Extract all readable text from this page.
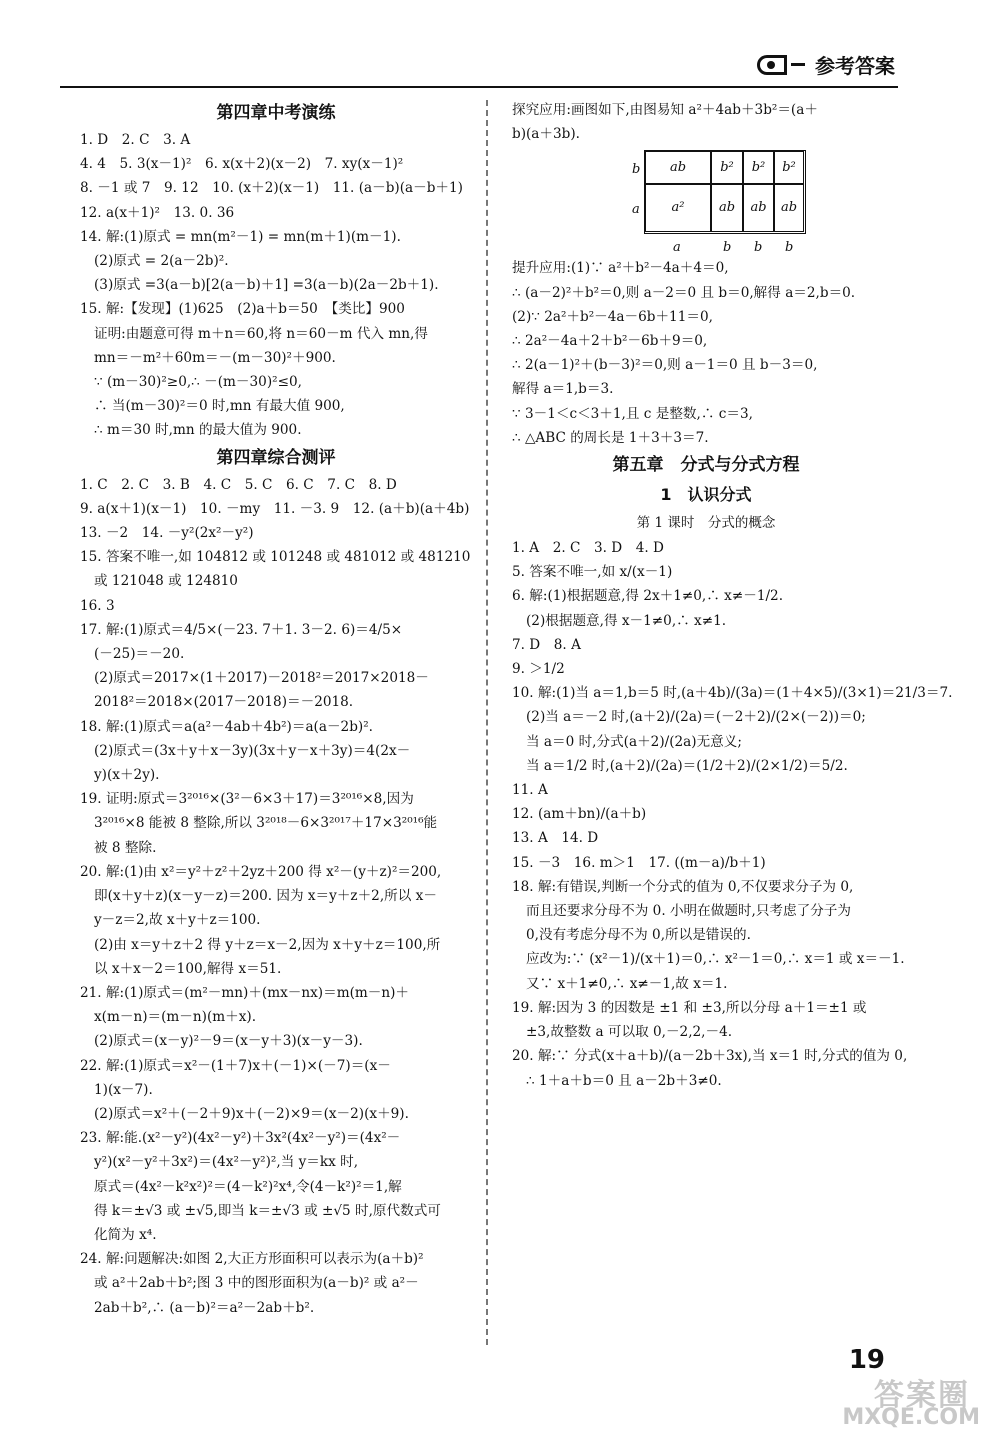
参考答案
第四章中考演练
1. D　2. C　3. A
4. 4　5. 3(x－1)²　6. x(x＋2)(x－2)　7. xy(x－1)²
8. －1 或 7　9. 12　10. (x＋2)(x－1)　11. (a－b)(a－b＋1)
12. a(x＋1)²　13. 0. 36
14. 解:(1)原式 = mn(m²－1) = mn(m＋1)(m－1).
(2)原式 = 2(a－2b)².
(3)原式 =3(a－b)[2(a－b)＋1] =3(a－b)(2a－2b＋1).
15. 解:【发现】(1)625　(2)a＋b＝50　【类比】900
证明:由题意可得 m＋n＝60,将 n＝60－m 代入 mn,得
mn＝－m²＋60m＝－(m－30)²＋900.
∵ (m－30)²≥0,∴ －(m－30)²≤0,
∴ 当(m－30)²＝0 时,mn 有最大值 900,
∴ m＝30 时,mn 的最大值为 900.
第四章综合测评
1. C　2. C　3. B　4. C　5. C　6. C　7. C　8. D
9. a(x＋1)(x－1)　10. －my　11. －3. 9　12. (a＋b)(a＋4b)
13. －2　14. －y²(2x²－y²)
15. 答案不唯一,如 104812 或 101248 或 481012 或 481210
或 121048 或 124810
16. 3
17. 解:(1)原式＝4/5×(－23. 7＋1. 3－2. 6)＝4/5×
(－25)＝－20.
(2)原式＝2017×(1＋2017)－2018²＝2017×2018－
2018²＝2018×(2017－2018)＝－2018.
18. 解:(1)原式＝a(a²－4ab＋4b²)＝a(a－2b)².
(2)原式＝(3x＋y＋x－3y)(3x＋y－x＋3y)＝4(2x－
y)(x＋2y).
19. 证明:原式＝3²⁰¹⁶×(3²－6×3＋17)＝3²⁰¹⁶×8,因为
3²⁰¹⁶×8 能被 8 整除,所以 3²⁰¹⁸－6×3²⁰¹⁷＋17×3²⁰¹⁶能
被 8 整除.
20. 解:(1)由 x²＝y²＋z²＋2yz＋200 得 x²－(y＋z)²＝200,
即(x＋y＋z)(x－y－z)＝200. 因为 x＝y＋z＋2,所以 x－
y－z＝2,故 x＋y＋z＝100.
(2)由 x＝y＋z＋2 得 y＋z＝x－2,因为 x＋y＋z＝100,所
以 x＋x－2＝100,解得 x＝51.
21. 解:(1)原式＝(m²－mn)＋(mx－nx)＝m(m－n)＋
x(m－n)＝(m－n)(m＋x).
(2)原式＝(x－y)²－9＝(x－y＋3)(x－y－3).
22. 解:(1)原式＝x²－(1＋7)x＋(－1)×(－7)＝(x－
1)(x－7).
(2)原式＝x²＋(－2＋9)x＋(－2)×9＝(x－2)(x＋9).
23. 解:能.(x²－y²)(4x²－y²)＋3x²(4x²－y²)＝(4x²－
y²)(x²－y²＋3x²)＝(4x²－y²)²,当 y＝kx 时,
原式＝(4x²－k²x²)²＝(4－k²)²x⁴,令(4－k²)²＝1,解
得 k＝±√3 或 ±√5,即当 k＝±√3 或 ±√5 时,原代数式可
化简为 x⁴.
24. 解:问题解决:如图 2,大正方形面积可以表示为(a＋b)²
或 a²＋2ab＋b²;图 3 中的图形面积为(a－b)² 或 a²－
2ab＋b²,∴ (a－b)²＝a²－2ab＋b².
探究应用:画图如下,由图易知 a²＋4ab＋3b²＝(a＋
b)(a＋3b).
b
a
ab	b²	b²	b²
a²	ab	ab	ab
a	b b b
提升应用:(1)∵ a²＋b²－4a＋4＝0,
∴ (a－2)²＋b²＝0,则 a－2＝0 且 b＝0,解得 a＝2,b＝0.
(2)∵ 2a²＋b²－4a－6b＋11＝0,
∴ 2a²－4a＋2＋b²－6b＋9＝0,
∴ 2(a－1)²＋(b－3)²＝0,则 a－1＝0 且 b－3＝0,
解得 a＝1,b＝3.
∵ 3－1＜c＜3＋1,且 c 是整数,∴ c＝3,
∴ △ABC 的周长是 1＋3＋3＝7.
第五章　分式与分式方程
1　认识分式
第 1 课时　分式的概念
1. A　2. C　3. D　4. D
5. 答案不唯一,如 x/(x－1)
6. 解:(1)根据题意,得 2x＋1≠0,∴ x≠－1/2.
(2)根据题意,得 x－1≠0,∴ x≠1.
7. D　8. A
9. ＞1/2
10. 解:(1)当 a＝1,b＝5 时,(a＋4b)/(3a)＝(1＋4×5)/(3×1)＝21/3＝7.
(2)当 a＝－2 时,(a＋2)/(2a)＝(－2＋2)/(2×(－2))＝0;
当 a＝0 时,分式(a＋2)/(2a)无意义;
当 a＝1/2 时,(a＋2)/(2a)＝(1/2＋2)/(2×1/2)＝5/2.
11. A
12. (am＋bn)/(a＋b)
13. A　14. D
15. －3　16. m＞1　17. ((m－a)/b＋1)
18. 解:有错误,判断一个分式的值为 0,不仅要求分子为 0,
而且还要求分母不为 0. 小明在做题时,只考虑了分子为
0,没有考虑分母不为 0,所以是错误的.
应改为:∵ (x²－1)/(x＋1)＝0,∴ x²－1＝0,∴ x＝1 或 x＝－1.
又∵ x＋1≠0,∴ x≠－1,故 x＝1.
19. 解:因为 3 的因数是 ±1 和 ±3,所以分母 a＋1＝±1 或
±3,故整数 a 可以取 0,－2,2,－4.
20. 解:∵ 分式(x＋a＋b)/(a－2b＋3x),当 x＝1 时,分式的值为 0,
∴ 1＋a＋b＝0 且 a－2b＋3≠0.
19
答案圈
MXQE.COM
